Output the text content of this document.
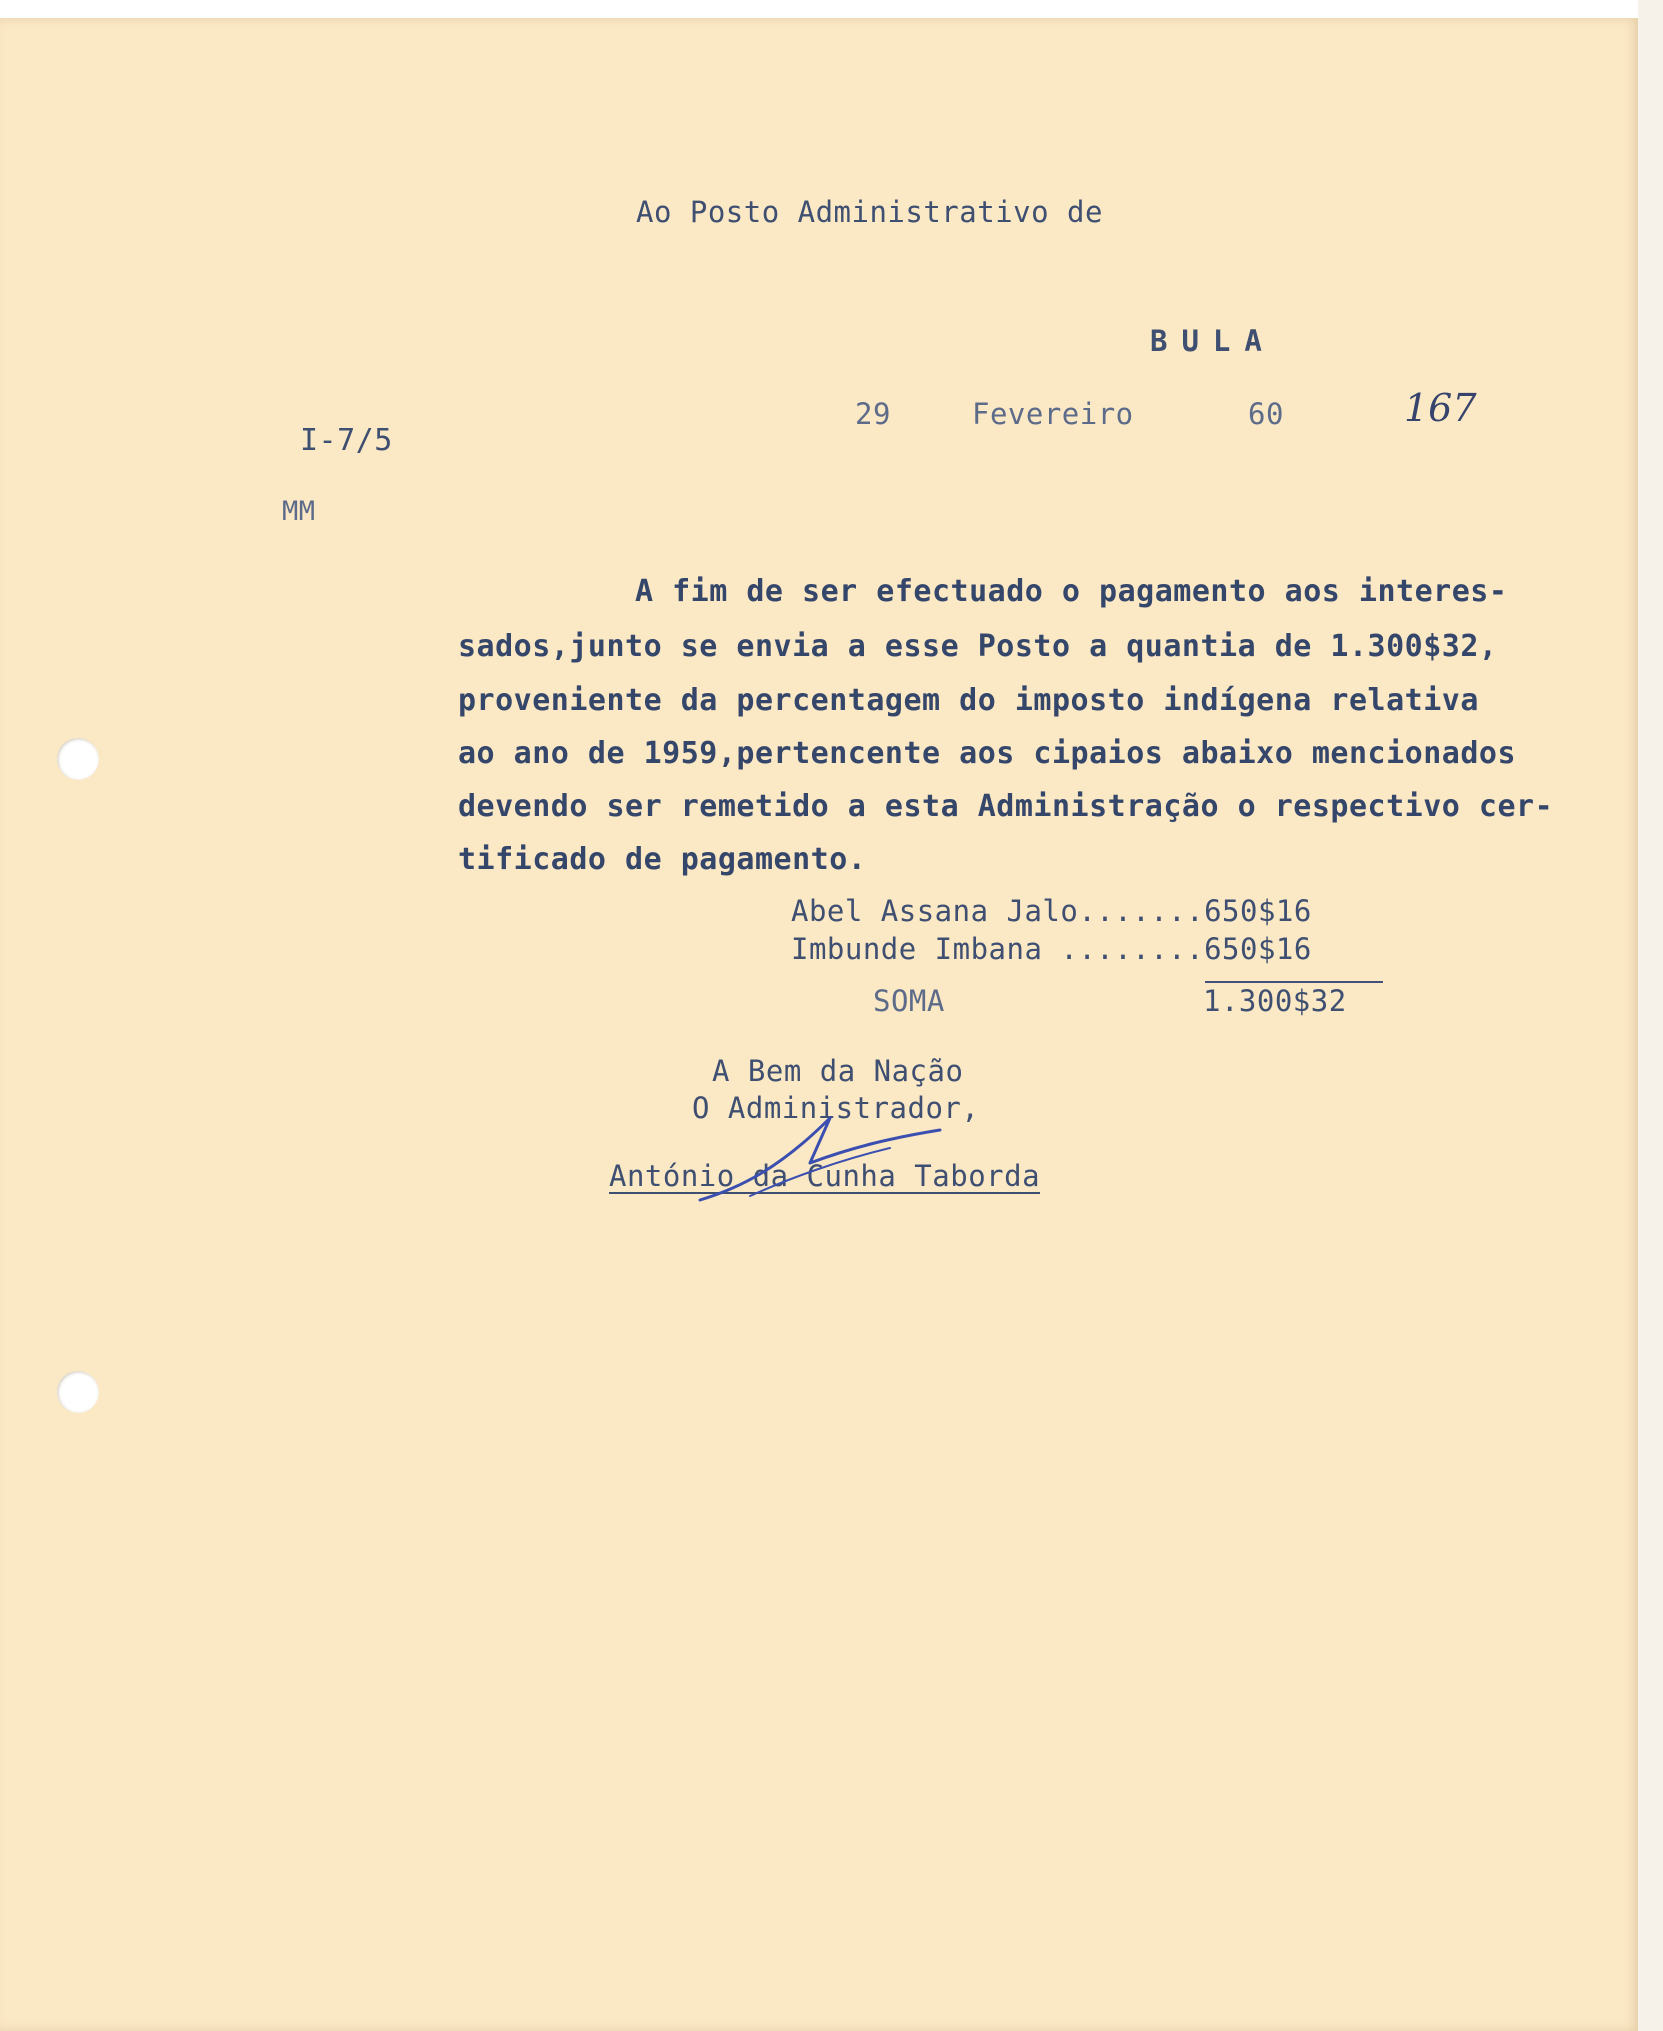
Ao Posto Administrativo de
BULA
29	Fevereiro	60	167
I-7/5
MM
A fim de ser efectuado o pagamento aos interes-
sados,junto se envia a esse Posto a quantia de 1.300$32,
proveniente da percentagem do imposto indígena relativa
ao ano de 1959,pertencente aos cipaios abaixo mencionados
devendo ser remetido a esta Administração o respectivo cer-
tificado de pagamento.
Abel Assana Jalo.......650$16
Imbunde Imbana ........650$16
SOMA	1.300$32
A Bem da Nação
O Administrador,
António da Cunha Taborda
